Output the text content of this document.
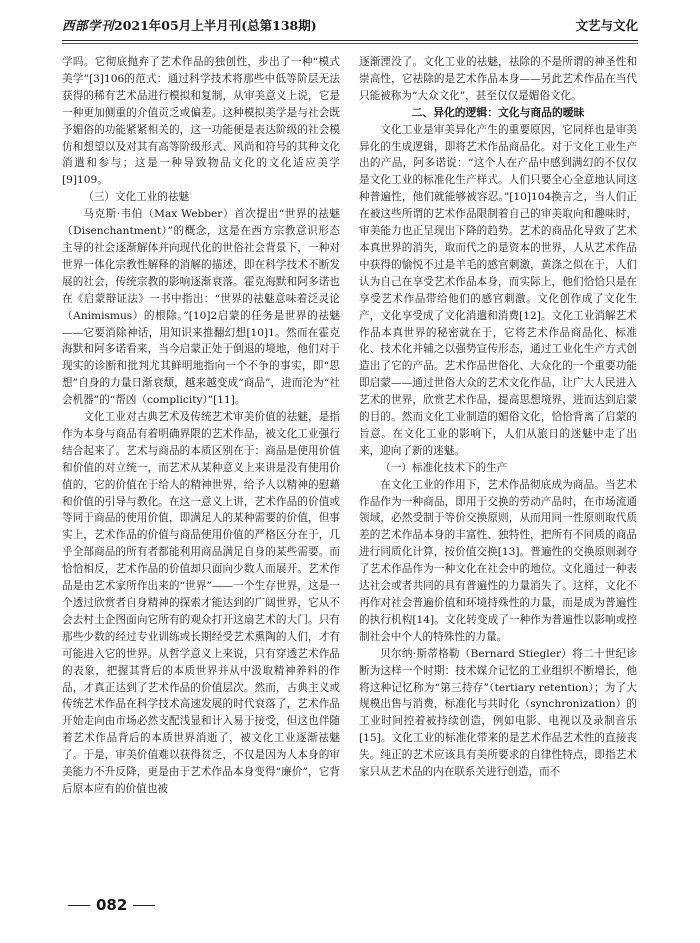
西部学刊2021年05月上半月刊(总第138期)	文艺与文化

学吗。它彻底抛弃了艺术作品的独创性，步出了一种“模式美学”[3]106的范式：通过科学技术将那些中低等阶层无法获得的稀有艺术品进行模拟和复制，从审美意义上说，它是一种更加侧重的介值贡乏或偏差。这种模拟美学是与社会既予媚俗的功能紧紧相关的，这一功能便是表达阶级的社会模仿和想望以及对其有高等阶级形式、风尚和符号的其种文化消遣和参与；这是一种导致物品文化的文化适应美学[9]109。

（三）文化工业的祛魅

马克斯·韦伯（Max Webber）首次提出“世界的祛魅（Disenchantment）”的概念，这是在西方宗教意识形态主导的社会逐渐解体并向现代化的世俗社会背景下，一种对世界一体化宗教性解释的消解的描述，即在科学技术不断发展的社会，传统宗教的影响逐渐衰落。霍克海默和阿多诺也在《启蒙辩证法》一书中指出：“世界的祛魅意味着泛灵论（Animismus）的根除。”[10]2启蒙的任务是世界的祛魅——它要消除神话，用知识来推翻幻想[10]1。然而在霍克海默和阿多诺看来，当今启蒙正处于倒退的境地，他们对于现实的诊断和批判尤其鲜明地指向一个不争的事实，即“思想”自身的力量日渐衰颓，越来越变成“商品”，进而沦为“社会机器”的“帮凶（complicity）”[11]。

文化工业对古典艺术及传统艺术审美价值的祛魅，是指作为本身与商品有着明确界限的艺术作品，被文化工业强行结合起来了。艺术与商品的本质区别在于：商品是使用价值和价值的对立统一，而艺术从某种意义上来讲是没有使用价值的，它的价值在于给人的精神世界，给予人以精神的慰藉和价值的引导与教化。在这一意义上讲，艺术作品的价值或等同于商品的使用价值，即满足人的某种需要的价值，但事实上，艺术作品的价值与商品使用价值的严格区分在于，几乎全部商品的所有者都能利用商品满足自身的某些需要。而恰恰相反，艺术作品的价值却只面向少数人而展开。艺术作品是由艺术家所作出来的“世界”——一个生存世界，这是一个透过欣赏者自身精神的探索才能达到的广阔世界，它从不会去村土企图面向它所有的观众打开这扇艺术的大门。只有那些少数的经过专业训练或长期经受艺术熏陶的人们，才有可能进入它的世界。从哲学意义上来说，只有穿透艺术作品的表象，把握其背后的本质世界并从中汲取精神养料的作品，才真正达到了艺术作品的价值层次。然而，古典主义或传统艺术作品在科学技术高速发展的时代衰落了，艺术作品开始走向由市场必然支配浅显和计入易于接受，但这也伴随着艺术作品背后的本质世界消逝了，被文化工业逐渐祛魅了。于是，审美价值难以获得贫乏，不仅是因为人本身的审美能力不升反降，更是由于艺术作品本身变得“廉价”，它背后原本应有的价值也被

逐渐湮没了。文化工业的祛魅，祛除的不是所谓的神圣性和崇高性，它祛除的是艺术作品本身——另此艺术作品在当代只能被称为“大众文化”，甚至仅仅是媚俗文化。

二、异化的逻辑：文化与商品的暧昧

文化工业是审美异化产生的重要原因，它同样也是审美异化的生成逻辑，即将艺术作品商品化。对于文化工业生产出的产品，阿多诺说：“这个人在产品中感到满幻的不仅仅是文化工业的标准化生产样式。人们只要全心全意地认同这种普遍性，他们就能够被容忍。”[10]104换言之，当人们正在被这些所谓的艺术作品限制着自己的审美取向和趣味时，审美能力也正呈现出下降的趋势。艺术的商品化导致了艺术本真世界的消失，取而代之的是资本的世界，人从艺术作品中获得的愉悦不过是羊毛的感官刺激，黄涤之似在于，人们认为自己在享受艺术作品本身，而实际上，他们恰恰只是在享受艺术作品带给他们的感官刺激。文化创作成了文化生产，文化享受成了文化消遣和消费[12]。文化工业消解艺术作品本真世界的秘密就在于，它将艺术作品商品化、标准化、技术化并辅之以强势宣传形态，通过工业化生产方式创造出了它的产品。艺术作品世俗化、大众化的一个重要功能即启蒙——通过世俗大众的艺术文化作品，让广大人民进入艺术的世界，欣赏艺术作品，提高思想境界，进而达到启蒙的目的。然而文化工业制造的媚俗文化，恰恰背离了启蒙的旨意。在文化工业的影响下，人们从旅日的迷魅中走了出来，迎向了新的迷魅。

（一）标准化技术下的生产

在文化工业的作用下，艺术作品彻底成为商品。当艺术作品作为一种商品，即用于交换的劳动产品时，在市场流通领域，必然受制于等价交换原则，从而用同一性原则取代质差的艺术作品本身的丰富性、独特性，把所有不同质的商品进行同质化计算，按价值交换[13]。普遍性的交换原则剥夺了艺术作品作为一种文化在社会中的地位。文化通过一种表达社会或者共同的具有普遍性的力量消失了。这样，文化不再作对社会普遍价值和环境持殊性的力量，而是成为普遍性的执行机构[14]。文化转变成了一种作为普遍性以影响或控制社会中个人的特殊性的力量。

贝尔纳·斯蒂格勒（Bernard Stiegler）将二十世纪诊断为这样一个时期：技术媒介记忆的工业组织不断增长，他将这种记忆称为“第三持存”（tertiary retention）；为了大规模出售与消费，标准化与共时化（synchronization）的工业时间控着被持续创造，例如电影、电视以及录制音乐[15]。文化工业的标准化带来的是艺术作品艺术性的直接丧失。纯正的艺术应该具有美所要求的自律性特点，即指艺术家只从艺术品的内在联系关进行创造，而不

082
